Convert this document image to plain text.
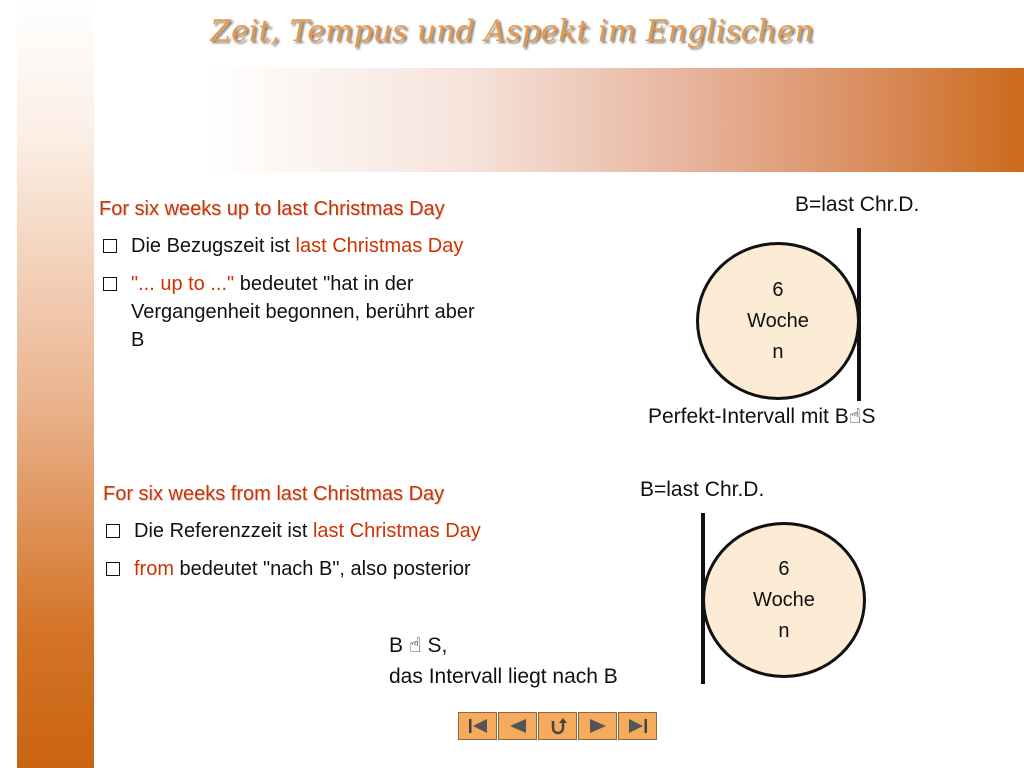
Zeit, Tempus und Aspekt im Englischen
For six weeks up to last Christmas Day
Die Bezugszeit ist last Christmas Day
"... up to ..." bedeutet "hat in der
Vergangenheit begonnen, berührt aber
B
B=last Chr.D.
6
Woche
n
Perfekt-Intervall mit B☝S
For six weeks from last Christmas Day
Die Referenzzeit ist last Christmas Day
from bedeutet "nach B", also posterior
B=last Chr.D.
6
Woche
n
B ☝ S,
das Intervall liegt nach B
